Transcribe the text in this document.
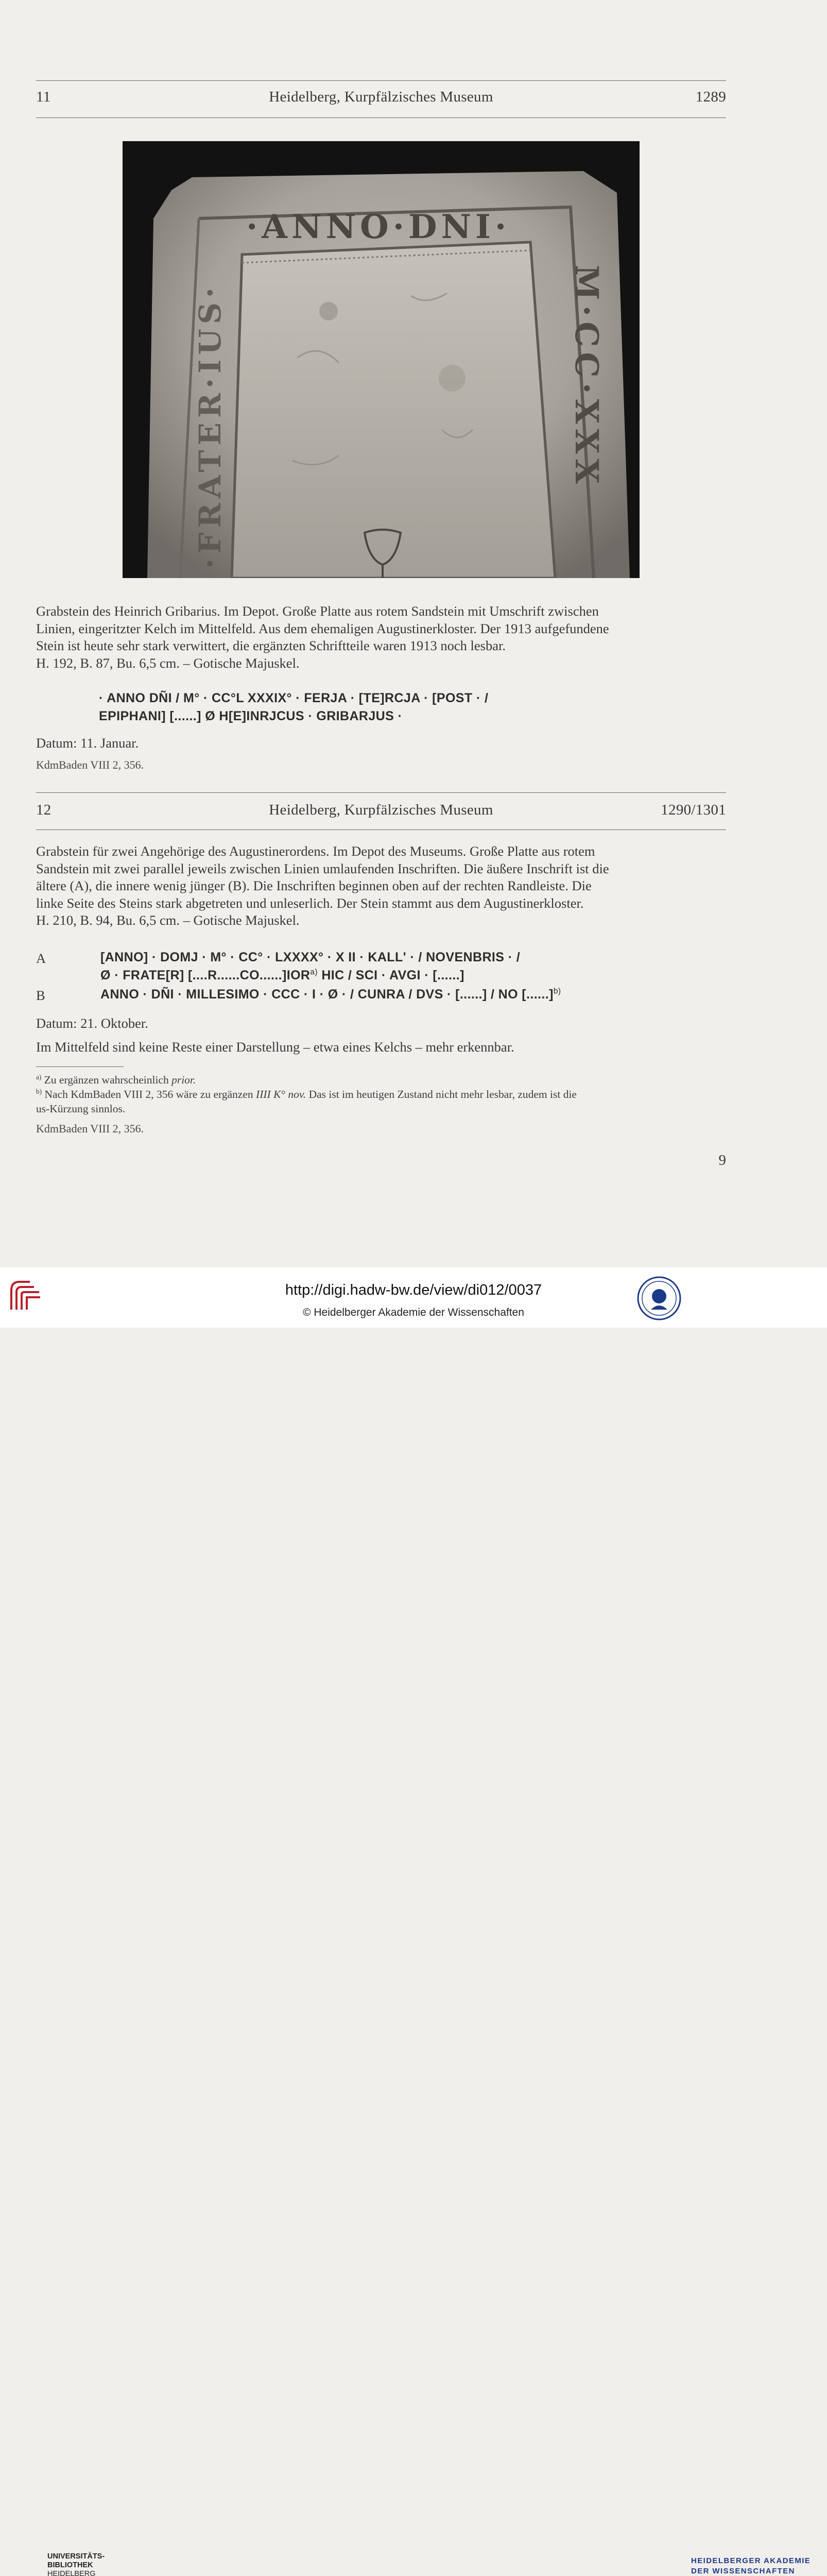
11	Heidelberg, Kurpfälzisches Museum	1289
·ANNO·DNI·
M·CC·XXX
·FRATER·IUS·
Grabstein des Heinrich Gribarius. Im Depot. Große Platte aus rotem Sandstein mit Umschrift zwischen
Linien, eingeritzter Kelch im Mittelfeld. Aus dem ehemaligen Augustinerkloster. Der 1913 aufgefundene
Stein ist heute sehr stark verwittert, die ergänzten Schriftteile waren 1913 noch lesbar.
H. 192, B. 87, Bu. 6,5 cm. – Gotische Majuskel.
· ANNO DÑI / M° · CC°L XXXIX° · FERJA · [TE]RCJA · [POST · /
EPIPHANI] [......] Ø H[E]INRJCUS · GRIBARJUS ·
Datum: 11. Januar.
KdmBaden VIII 2, 356.
12	Heidelberg, Kurpfälzisches Museum	1290/1301
Grabstein für zwei Angehörige des Augustinerordens. Im Depot des Museums. Große Platte aus rotem
Sandstein mit zwei parallel jeweils zwischen Linien umlaufenden Inschriften. Die äußere Inschrift ist die
ältere (A), die innere wenig jünger (B). Die Inschriften beginnen oben auf der rechten Randleiste. Die
linke Seite des Steins stark abgetreten und unleserlich. Der Stein stammt aus dem Augustinerkloster.
H. 210, B. 94, Bu. 6,5 cm. – Gotische Majuskel.
A	[ANNO] · DOMJ · M° · CC° · LXXXX° · X II · KALL' · / NOVENBRIS · /
Ø · FRATE[R] [....R......CO......]IOR$^{a)}$ HIC / SCI · AVGI · [......]
B	ANNO · DÑI · MILLESIMO · CCC · I · Ø · / CUNRA / DVS · [......] / NO [......]$^{b)}$
Datum: 21. Oktober.
Im Mittelfeld sind keine Reste einer Darstellung – etwa eines Kelchs – mehr erkennbar.
$^{a)}$ Zu ergänzen wahrscheinlich prior.
$^{b)}$ Nach KdmBaden VIII 2, 356 wäre zu ergänzen IIII K° nov. Das ist im heutigen Zustand nicht mehr lesbar, zudem ist die
us-Kürzung sinnlos.
KdmBaden VIII 2, 356.
9
UNIVERSITÄTS-
BIBLIOTHEK
HEIDELBERG
HEIDELBERGER AKADEMIE
DER WISSENSCHAFTEN
http://digi.hadw-bw.de/view/di012/0037
© Heidelberger Akademie der Wissenschaften
